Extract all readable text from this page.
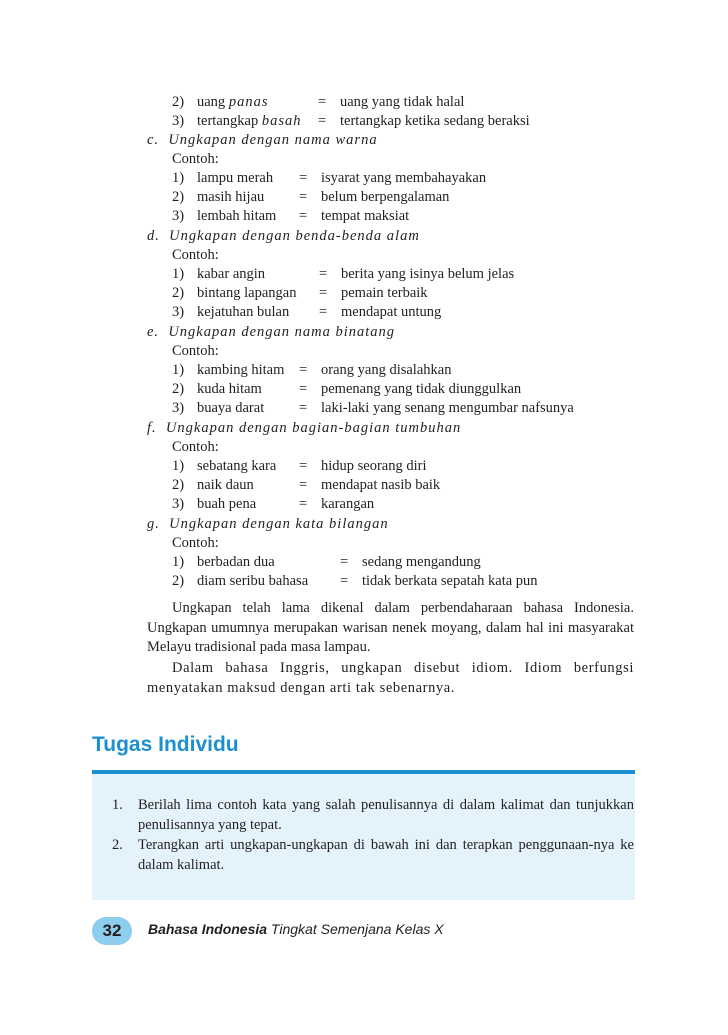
2) uang panas	= uang yang tidak halal
3) tertangkap basah = tertangkap ketika sedang beraksi
c. Ungkapan dengan nama warna
Contoh:
1) lampu merah = isyarat yang membahayakan
2) masih hijau = belum berpengalaman
3) lembah hitam = tempat maksiat
d. Ungkapan dengan benda-benda alam
Contoh:
1) kabar angin	= berita yang isinya belum jelas
2) bintang lapangan = pemain terbaik
3) kejatuhan bulan = mendapat untung
e. Ungkapan dengan nama binatang
Contoh:
1) kambing hitam = orang yang disalahkan
2) kuda hitam	= pemenang yang tidak diunggulkan
3) buaya darat = laki-laki yang senang mengumbar nafsunya
f. Ungkapan dengan bagian-bagian tumbuhan
Contoh:
1) sebatang kara = hidup seorang diri
2) naik daun	= mendapat nasib baik
3) buah pena	= karangan
g. Ungkapan dengan kata bilangan
Contoh:
1) berbadan dua	= sedang mengandung
2) diam seribu bahasa = tidak berkata sepatah kata pun
Ungkapan telah lama dikenal dalam perbendaharaan bahasa Indonesia. Ungkapan umumnya merupakan warisan nenek moyang, dalam hal ini masyarakat Melayu tradisional pada masa lampau.
Dalam bahasa Inggris, ungkapan disebut idiom. Idiom berfungsi menyatakan maksud dengan arti tak sebenarnya.
Tugas Individu
1. Berilah lima contoh kata yang salah penulisannya di dalam kalimat dan tunjukkan penulisannya yang tepat.
2. Terangkan arti ungkapan-ungkapan di bawah ini dan terapkan penggunaan-nya ke dalam kalimat.
32	Bahasa Indonesia Tingkat Semenjana Kelas X
